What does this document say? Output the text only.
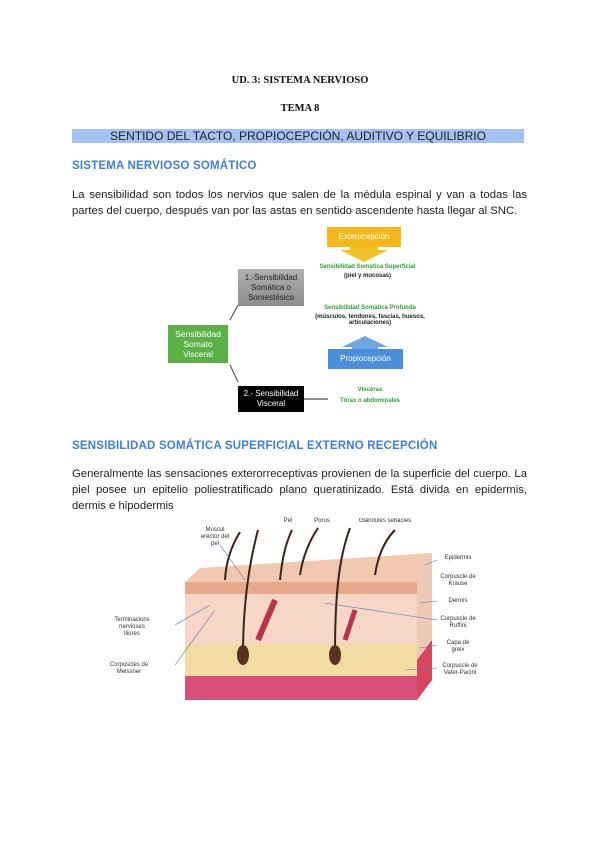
UD. 3: SISTEMA NERVIOSO
TEMA 8
SENTIDO DEL TACTO, PROPIOCEPCIÓN, AUDITIVO Y EQUILIBRIO
SISTEMA NERVIOSO SOMÁTICO
La sensibilidad son todos los nervios que salen de la médula espinal y van a todas las partes del cuerpo, después van por las astas en sentido ascendente hasta llegar al SNC.
Exterocepción
Sensibilidad Somática Superficial
(piel y mucosas)
1.-Sensibilidad Somática o Somestésico
Sensibilidad Somática Profunda
(músculos, tendones, fascias, huesos, articulaciones)
Sensibilidad Somato Visceral	Propiocepción
2.- Sensibilidad Visceral
Vísceras
Tórax o abdominales
SENSIBILIDAD SOMÁTICA SUPERFICIAL EXTERNO RECEPCIÓN
Generalmente las sensaciones exterorreceptivas provienen de la superficie del cuerpo. La piel posee un epitelio poliestratificado plano queratinizado. Está divida en epidermis, dermis e hipodermis
Múscul erector del pel
Pel	Porus	Glàndules sebàcies
Epidermis
Corpuscle de Krause
Dermis
Corpuscle de Ruffini
Capa de greix
Corpuscle de Vater-Pacini
Terminacions nervioses lliures
Corpuscles de Meissner
